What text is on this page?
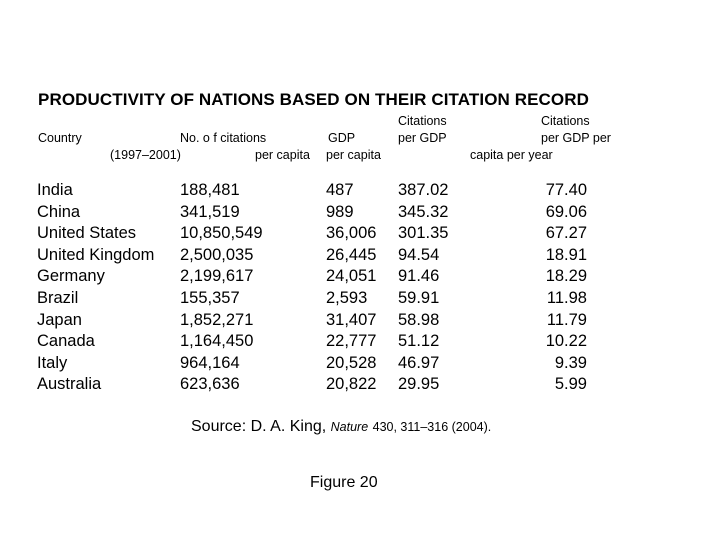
PRODUCTIVITY OF NATIONS BASED ON THEIR CITATION RECORD
Country	No. o f citations
(1997–2001)	per capita
GDP
per capita
Citations
per GDP
Citations
per GDP per
capita per year
India
China
United States
United Kingdom
Germany
Brazil
Japan
Canada
Italy
Australia
188,481
341,519
10,850,549
2,500,035
2,199,617
155,357
1,852,271
1,164,450
964,164
623,636
487
989
36,006
26,445
24,051
2,593
31,407
22,777
20,528
20,822
387.02
345.32
301.35
94.54
91.46
59.91
58.98
51.12
46.97
29.95
77.40
69.06
67.27
18.91
18.29
11.98
11.79
10.22
9.39
5.99
Source: D. A. King, Nature 430, 311–316 (2004).
Figure 20
